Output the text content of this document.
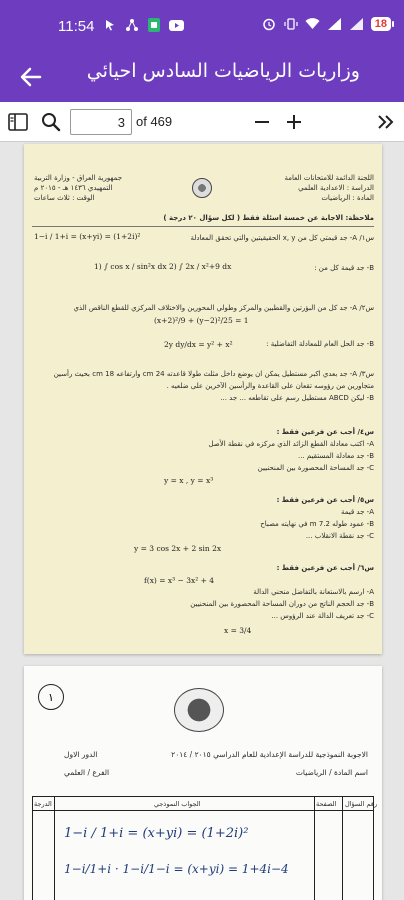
11:54	18
وزاريات الرياضيات السادس احيائي
3
of 469
اللجنة الدائمة للامتحانات العامة
الدراسة : الاعدادية العلمي
المادة : الرياضيات
جمهورية العراق - وزارة التربية
التمهيدي ١٤٣٦ هـ - ٢٠١٥ م
الوقت : ثلاث ساعات
ملاحظة: الاجابة عن خمسة اسئلة فقط ( لكل سؤال ٢٠ درجة )
س١/ A- جد قيمتي كل من x, y الحقيقيتين والتي تحقق المعادلة
1−i / 1+i = (x+yi) = (1+2i)²
B- جد قيمة كل من :
1) ∫ cos x / sin²x dx 2) ∫ 2x / x²+9 dx
س٢/ A- جد كل من البؤرتين والقطبين والمركز وطولي المحورين والاختلاف المركزي للقطع الناقص الذي
(x+2)²/9 + (y−2)²/25 = 1
B- جد الحل العام للمعادلة التفاضلية :
2y dy/dx = y² + x²
س٣/ A- جد بعدي اكبر مستطيل يمكن ان يوضع داخل مثلث طولا قاعدته 24 cm وارتفاعه 18 cm بحيث رأسين
متجاورين من رؤوسه تقعان على القاعدة والرأسين الآخرين على ضلعيه .
B- ليكن ABCD مستطيل رسم على تقاطعه ... جد ...
س٤/ أجب عن فرعين فقط :
A- اكتب معادلة القطع الزائد الذي مركزه في نقطة الأصل
B- جد معادلة المستقيم ...
C- جد المساحة المحصورة بين المنحنيين
y = x , y = x³
س٥/ أجب عن فرعين فقط :
A- جد قيمة
B- عمود طوله 7.2 m في نهايته مصباح
C- جد نقطة الانقلاب ...
y = 3 cos 2x + 2 sin 2x
س٦/ أجب عن فرعين فقط :
f(x) = x³ − 3x² + 4
A- ارسم بالاستعانة بالتفاضل منحني الدالة
B- جد الحجم الناتج من دوران المساحة المحصورة بين المنحنيين
C- جد تعريف الدالة عند الرؤوس ...
x = 3/4
١
الاجوبة النموذجية للدراسة الإعدادية للعام الدراسي ٢٠١٥ / ٢٠١٤
الدور الاول
الفرع / العلمي	اسم المادة / الرياضيات
الدرجة	الجواب النموذجي	الصفحة رقم السؤال
1−i / 1+i = (x+yi) = (1+2i)²
1−i/1+i · 1−i/1−i = (x+yi) = 1+4i−4
